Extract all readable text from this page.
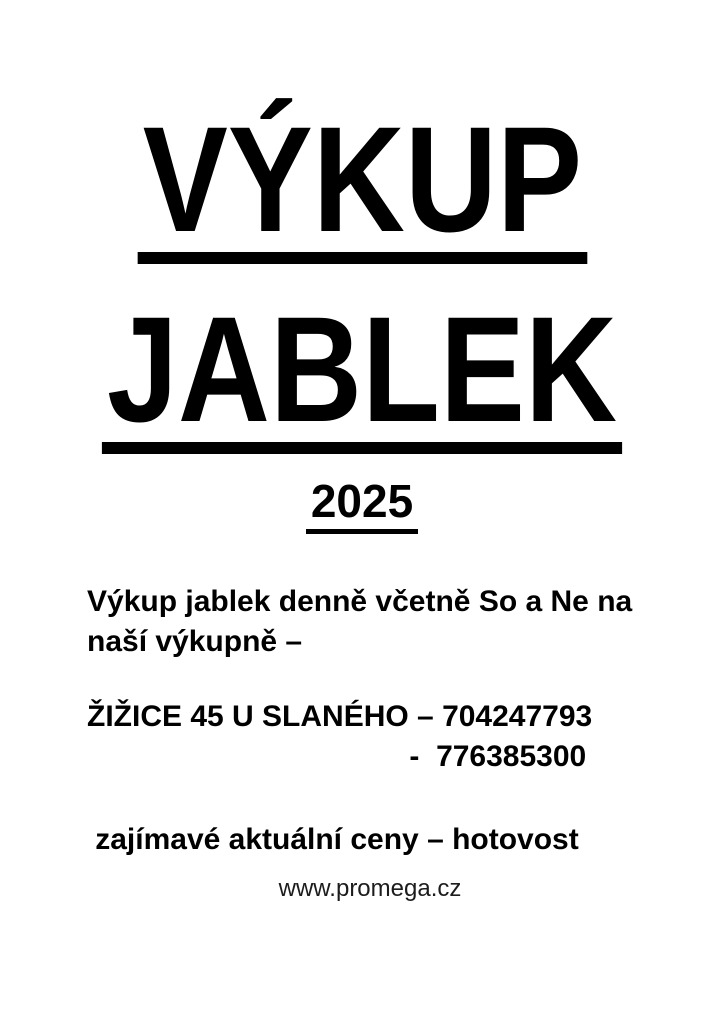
VÝKUP
JABLEK
2025
Výkup jablek denně včetně So a Ne na
naší výkupně –
ŽIŽICE 45 U SLANÉHO – 704247793
-  776385300
zajímavé aktuální ceny – hotovost
www.promega.cz
